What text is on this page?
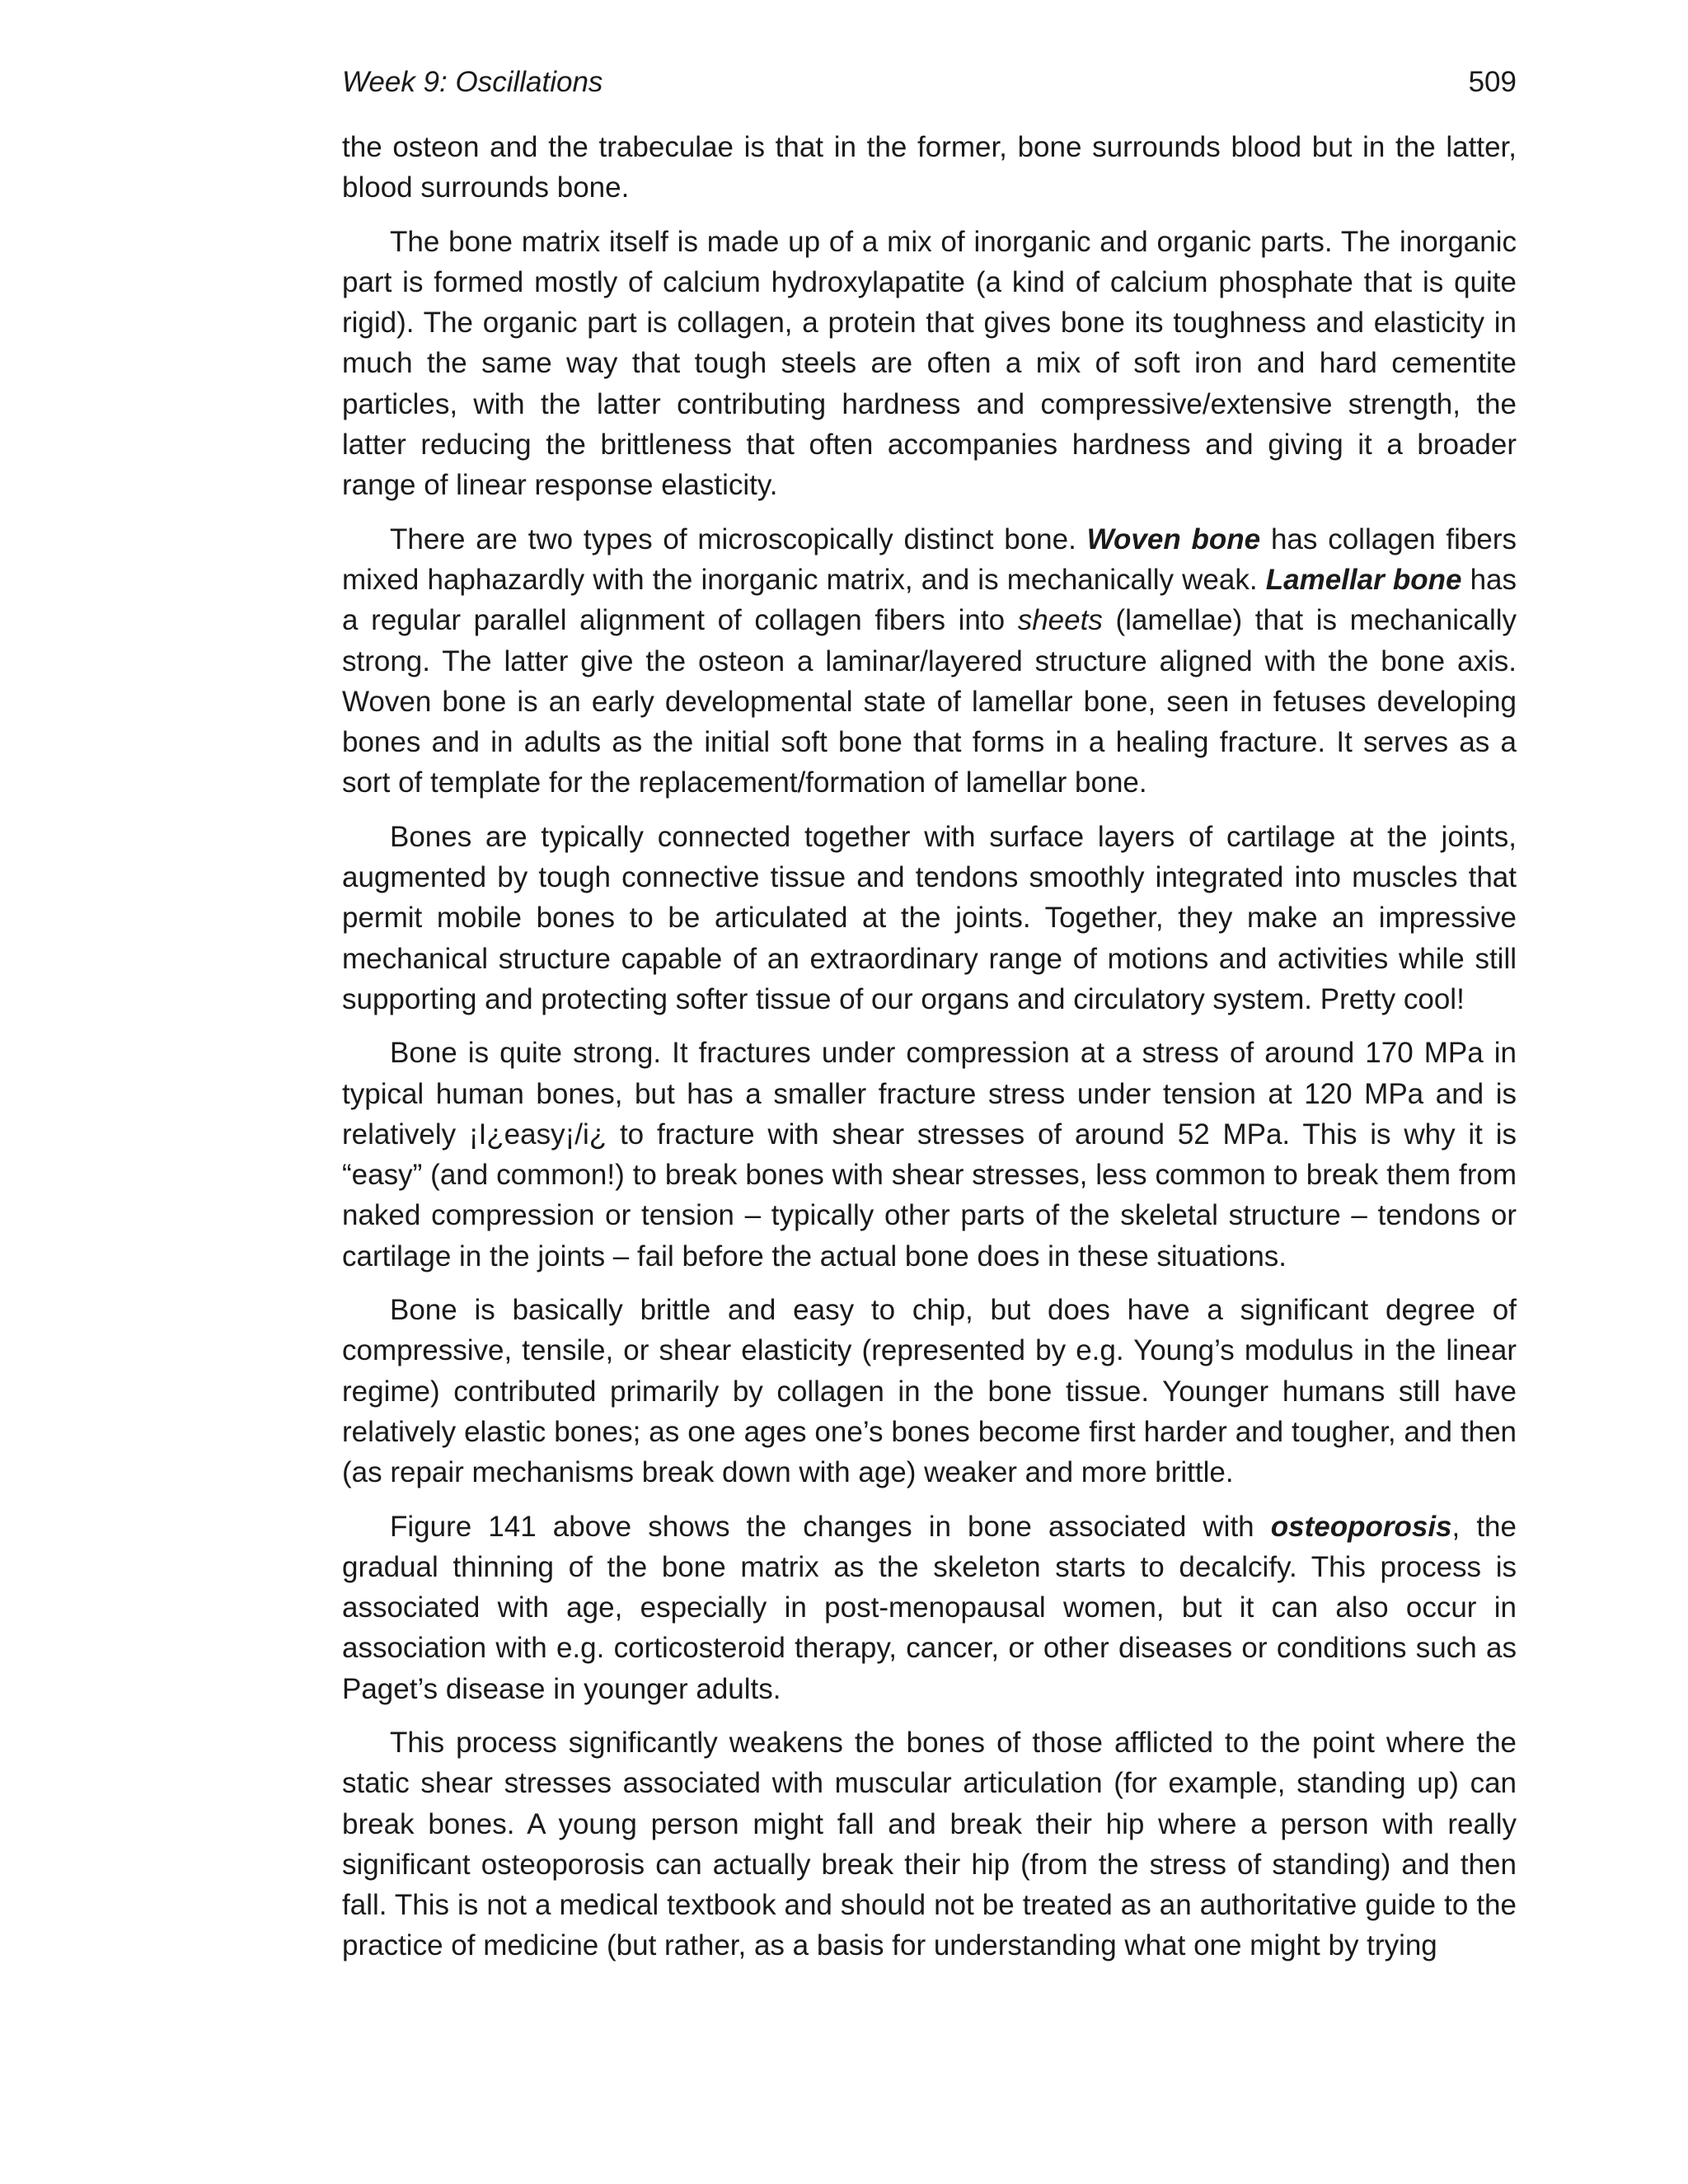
Week 9: Oscillations	509

the osteon and the trabeculae is that in the former, bone surrounds blood but in the latter, blood surrounds bone.

The bone matrix itself is made up of a mix of inorganic and organic parts. The inorganic part is formed mostly of calcium hydroxylapatite (a kind of calcium phosphate that is quite rigid). The organic part is collagen, a protein that gives bone its toughness and elasticity in much the same way that tough steels are often a mix of soft iron and hard cementite particles, with the latter contributing hardness and compressive/extensive strength, the latter reducing the brittleness that often accompanies hardness and giving it a broader range of linear response elasticity.

There are two types of microscopically distinct bone. Woven bone has collagen fibers mixed haphazardly with the inorganic matrix, and is mechanically weak. Lamellar bone has a regular parallel alignment of collagen fibers into sheets (lamellae) that is mechanically strong. The latter give the osteon a laminar/layered structure aligned with the bone axis. Woven bone is an early developmental state of lamellar bone, seen in fetuses developing bones and in adults as the initial soft bone that forms in a healing fracture. It serves as a sort of template for the replacement/formation of lamellar bone.

Bones are typically connected together with surface layers of cartilage at the joints, augmented by tough connective tissue and tendons smoothly integrated into muscles that permit mobile bones to be articulated at the joints. Together, they make an impressive mechanical structure capable of an extraordinary range of motions and activities while still supporting and protecting softer tissue of our organs and circulatory system. Pretty cool!

Bone is quite strong. It fractures under compression at a stress of around 170 MPa in typical human bones, but has a smaller fracture stress under tension at 120 MPa and is relatively ¡I¿easy¡/i¿ to fracture with shear stresses of around 52 MPa. This is why it is “easy” (and common!) to break bones with shear stresses, less common to break them from naked compression or tension – typically other parts of the skeletal structure – tendons or cartilage in the joints – fail before the actual bone does in these situations.

Bone is basically brittle and easy to chip, but does have a significant degree of compressive, tensile, or shear elasticity (represented by e.g. Young’s modulus in the linear regime) contributed primarily by collagen in the bone tissue. Younger humans still have relatively elastic bones; as one ages one’s bones become first harder and tougher, and then (as repair mechanisms break down with age) weaker and more brittle.

Figure 141 above shows the changes in bone associated with osteoporosis, the gradual thinning of the bone matrix as the skeleton starts to decalcify. This process is associated with age, especially in post-menopausal women, but it can also occur in association with e.g. corticosteroid therapy, cancer, or other diseases or conditions such as Paget’s disease in younger adults.

This process significantly weakens the bones of those afflicted to the point where the static shear stresses associated with muscular articulation (for example, standing up) can break bones. A young person might fall and break their hip where a person with really significant osteoporosis can actually break their hip (from the stress of standing) and then fall. This is not a medical textbook and should not be treated as an authoritative guide to the practice of medicine (but rather, as a basis for understanding what one might by trying
